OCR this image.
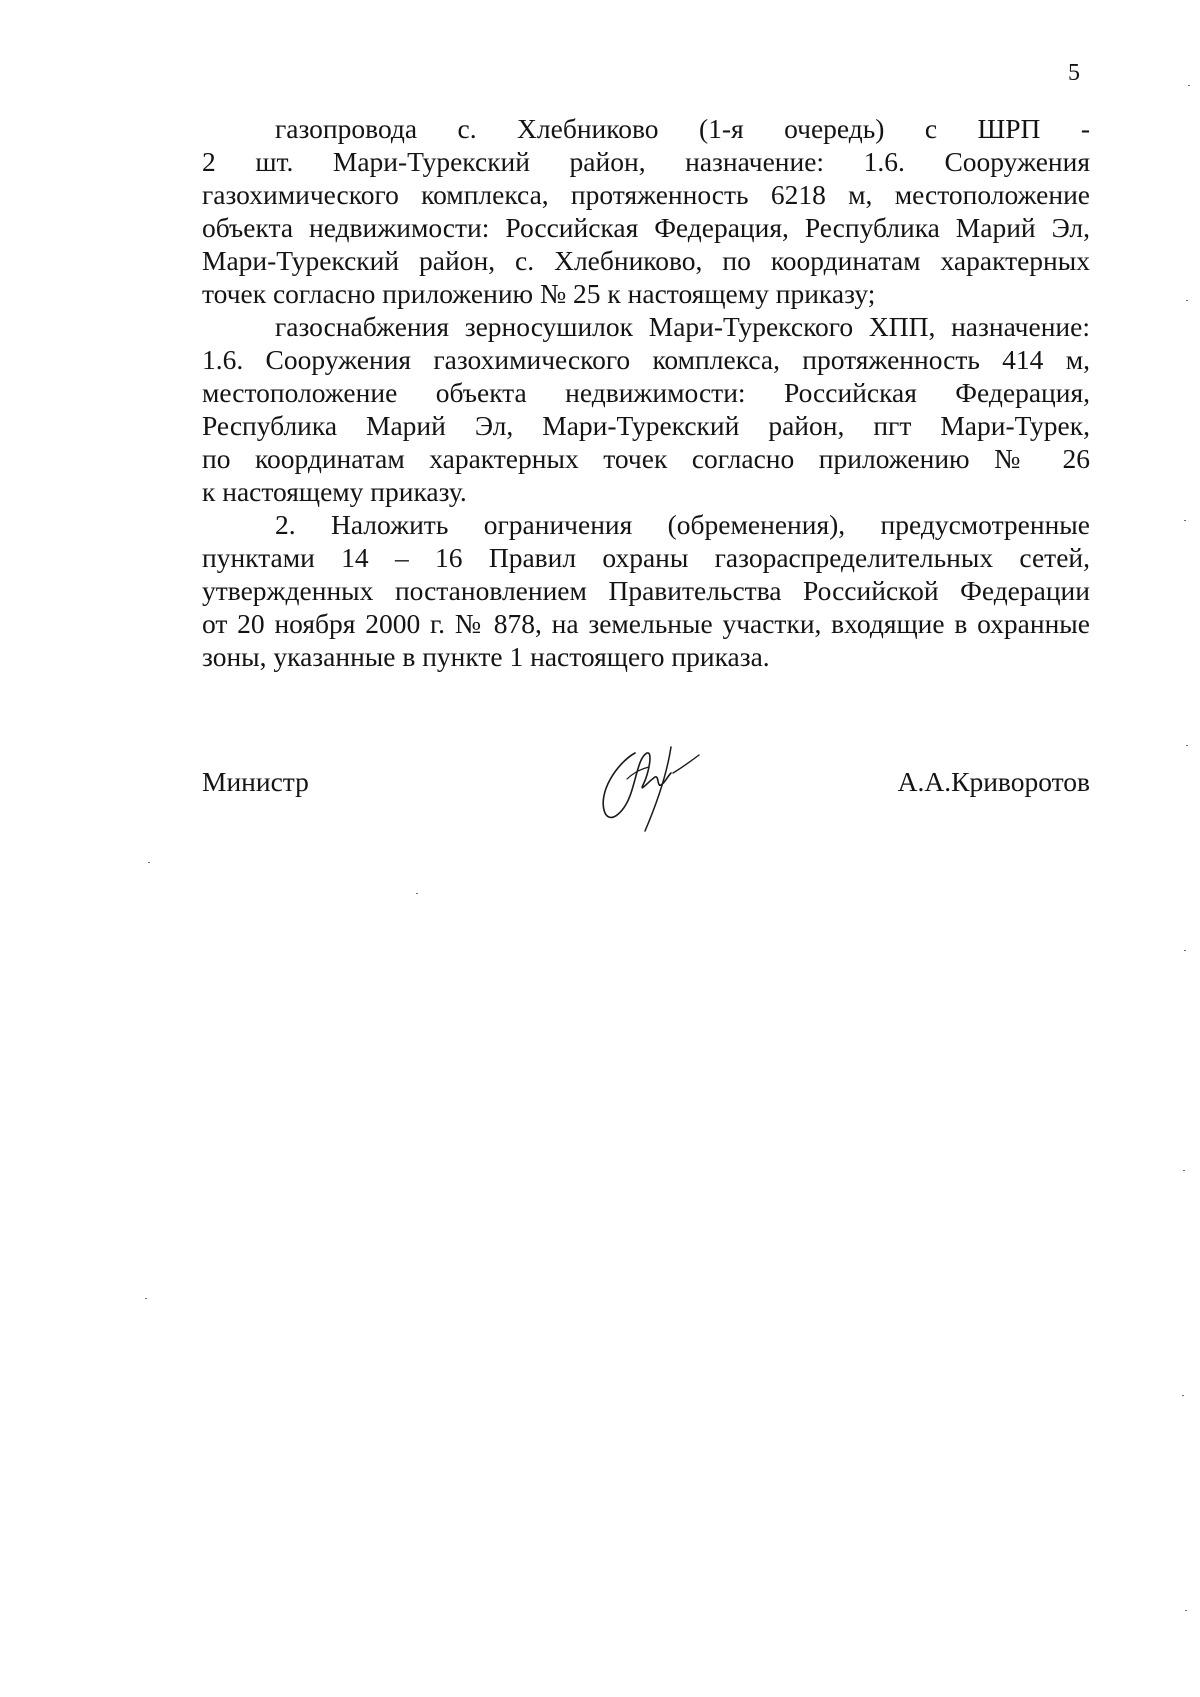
5
газопровода с. Хлебниково (1-я очередь) с ШРП -
2 шт. Мари-Турекский район, назначение: 1.6. Сооружения
газохимического комплекса, протяженность 6218 м, местоположение
объекта недвижимости: Российская Федерация, Республика Марий Эл,
Мари-Турекский район, с. Хлебниково, по координатам характерных
точек согласно приложению № 25 к настоящему приказу;
газоснабжения зерносушилок Мари-Турекского ХПП, назначение:
1.6. Сооружения газохимического комплекса, протяженность 414 м,
местоположение объекта недвижимости: Российская Федерация,
Республика Марий Эл, Мари-Турекский район, пгт Мари-Турек,
по координатам характерных точек согласно приложению № 26
к настоящему приказу.
2. Наложить ограничения (обременения), предусмотренные
пунктами 14 – 16 Правил охраны газораспределительных сетей,
утвержденных постановлением Правительства Российской Федерации
от 20 ноября 2000 г. № 878, на земельные участки, входящие в охранные
зоны, указанные в пункте 1 настоящего приказа.
Министр	А.А.Криворотов
